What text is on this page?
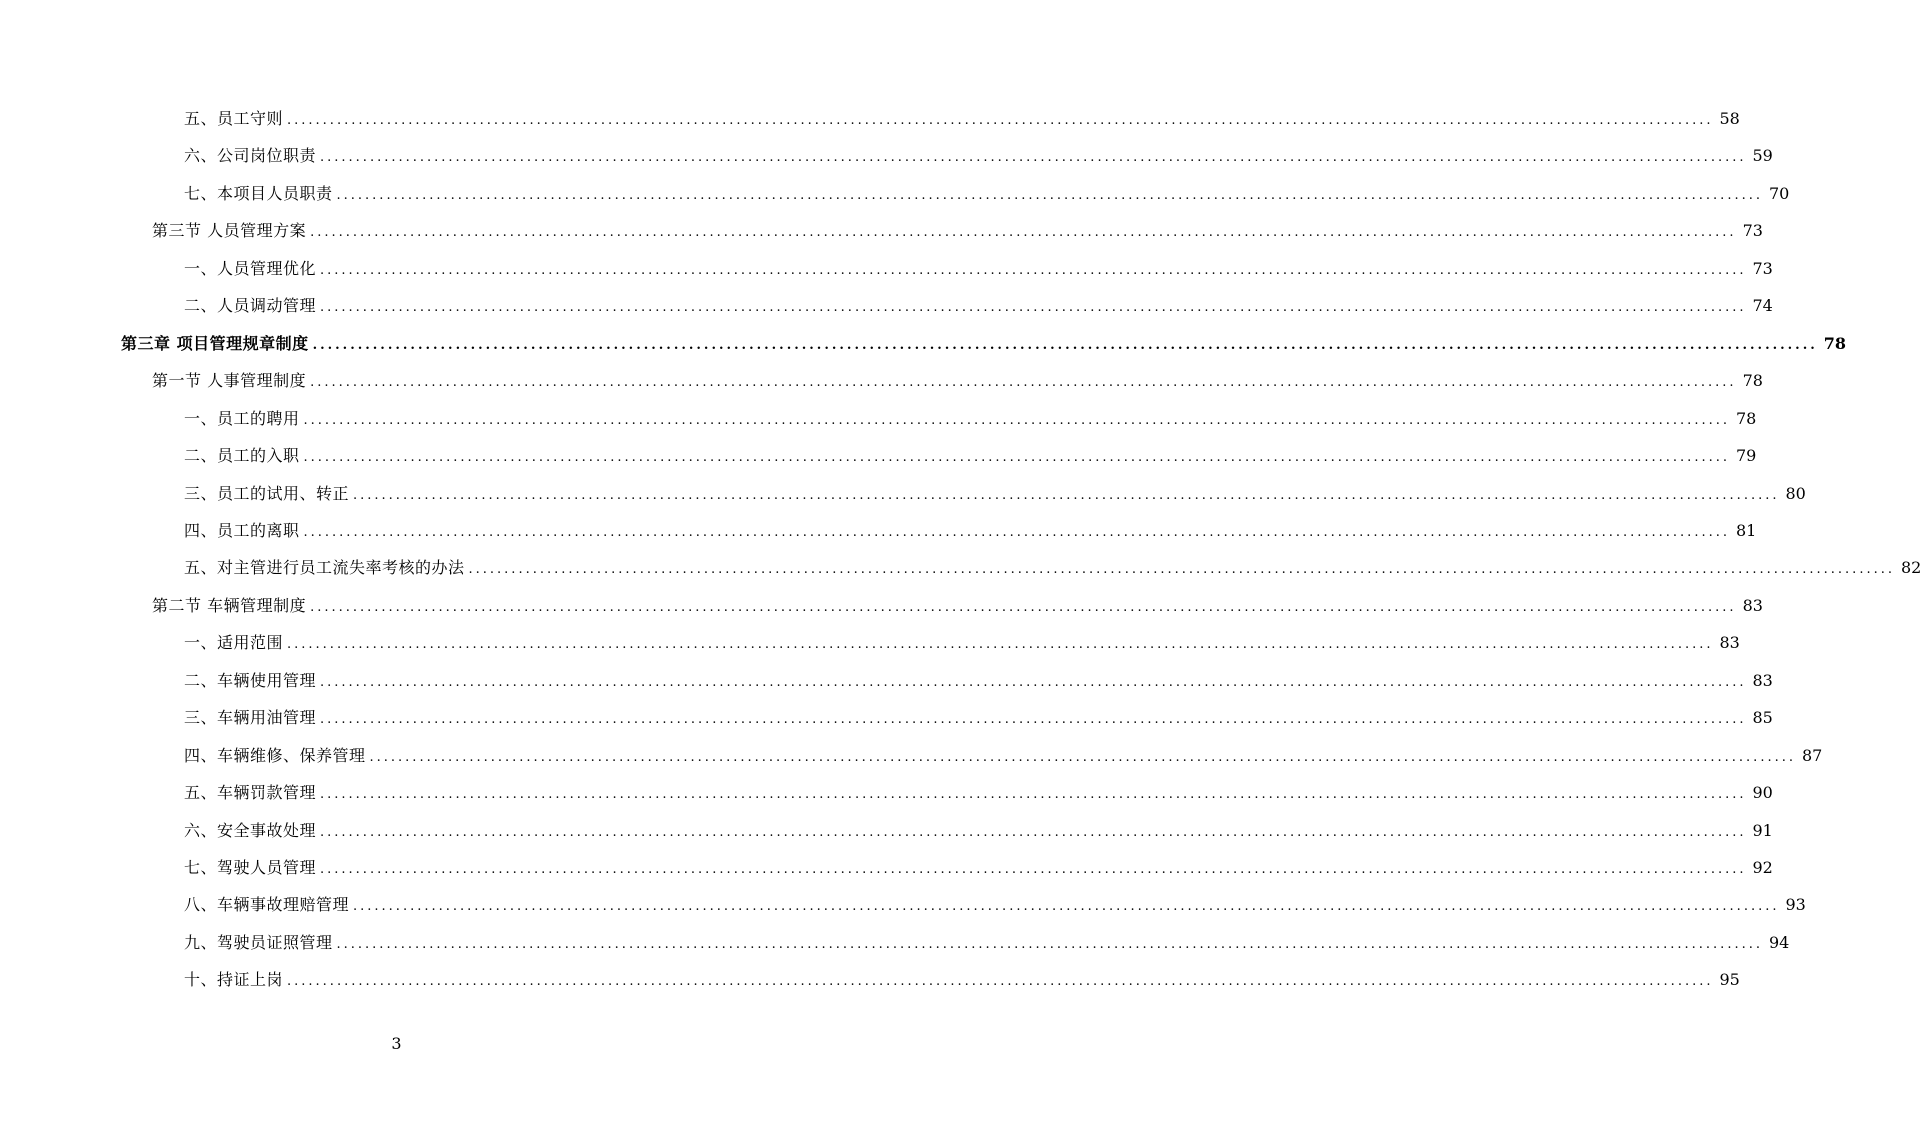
五、员工守则 ........................................................................................................................................................................................................ 58
六、公司岗位职责 ........................................................................................................................................................................................................ 59
七、本项目人员职责 ........................................................................................................................................................................................................ 70
第三节 人员管理方案 ........................................................................................................................................................................................................ 73
一、人员管理优化 ........................................................................................................................................................................................................ 73
二、人员调动管理 ........................................................................................................................................................................................................ 74
第三章 项目管理规章制度 ........................................................................................................................................................................................................ 78
第一节 人事管理制度 ........................................................................................................................................................................................................ 78
一、员工的聘用 ........................................................................................................................................................................................................ 78
二、员工的入职 ........................................................................................................................................................................................................ 79
三、员工的试用、转正 ........................................................................................................................................................................................................ 80
四、员工的离职 ........................................................................................................................................................................................................ 81
五、对主管进行员工流失率考核的办法 ........................................................................................................................................................................................................ 82
第二节 车辆管理制度 ........................................................................................................................................................................................................ 83
一、适用范围 ........................................................................................................................................................................................................ 83
二、车辆使用管理 ........................................................................................................................................................................................................ 83
三、车辆用油管理 ........................................................................................................................................................................................................ 85
四、车辆维修、保养管理 ........................................................................................................................................................................................................ 87
五、车辆罚款管理 ........................................................................................................................................................................................................ 90
六、安全事故处理 ........................................................................................................................................................................................................ 91
七、驾驶人员管理 ........................................................................................................................................................................................................ 92
八、车辆事故理赔管理 ........................................................................................................................................................................................................ 93
九、驾驶员证照管理 ........................................................................................................................................................................................................ 94
十、持证上岗 ........................................................................................................................................................................................................ 95
3
